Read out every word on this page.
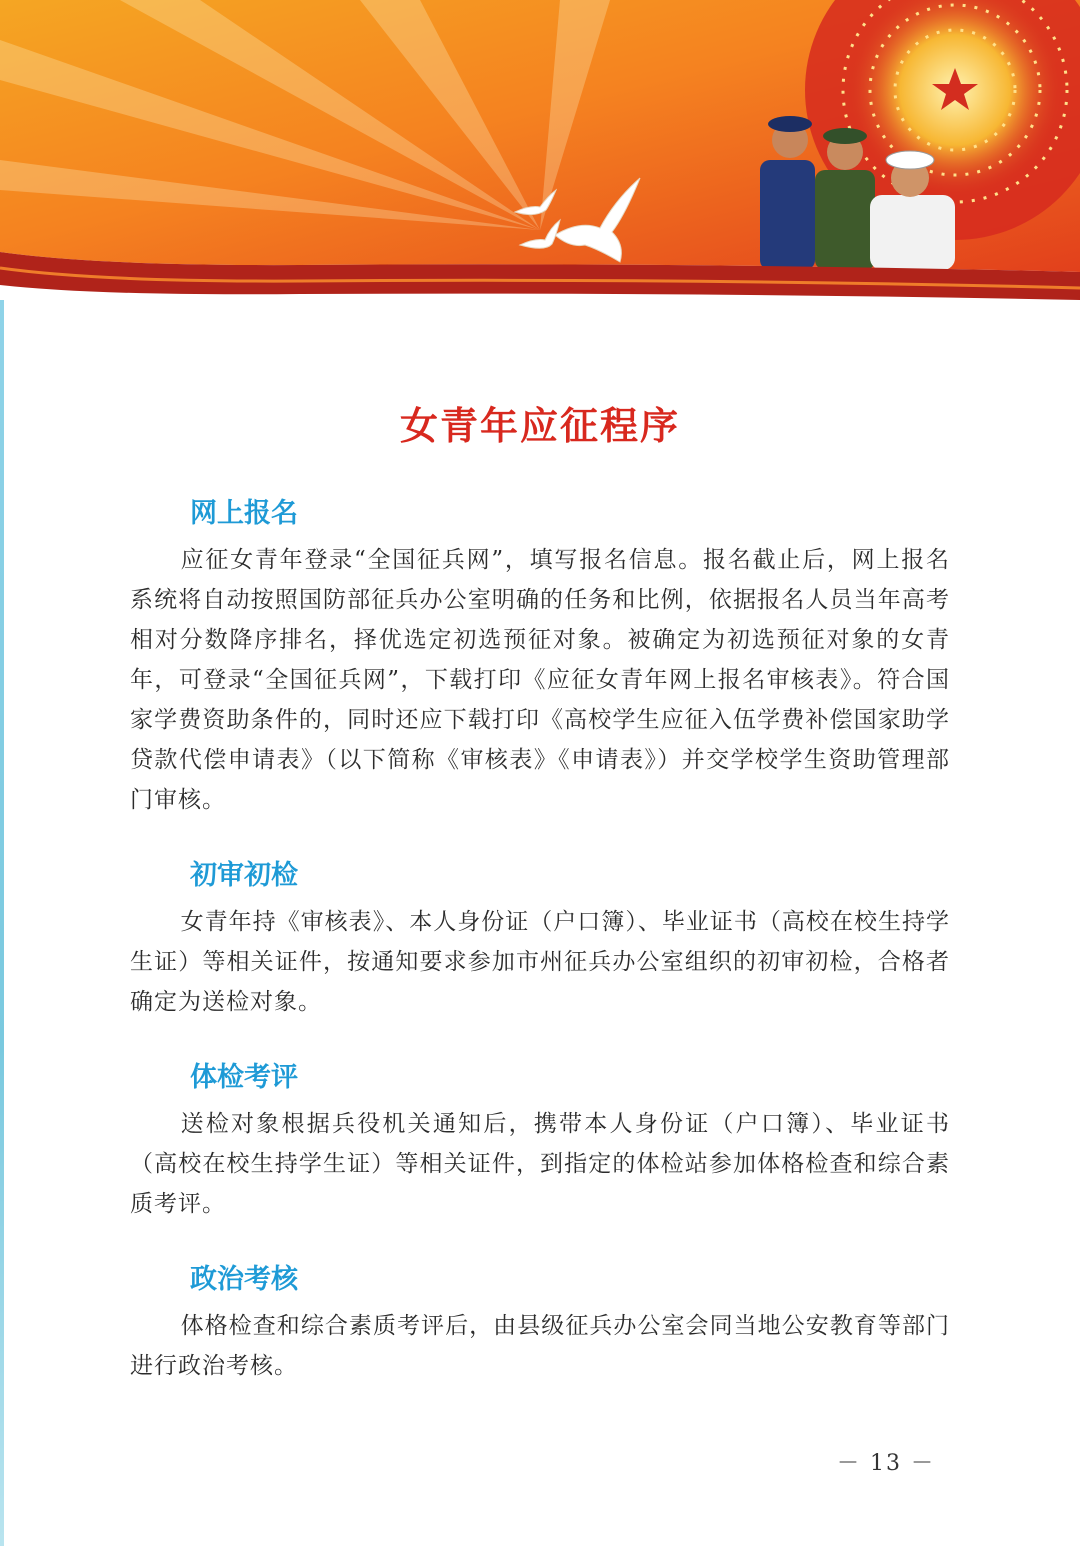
女青年应征程序
网上报名

应征女青年登录“全国征兵网”，填写报名信息。报名截止后，网上报名系统将自动按照国防部征兵办公室明确的任务和比例，依据报名人员当年高考相对分数降序排名，择优选定初选预征对象。被确定为初选预征对象的女青年，可登录“全国征兵网”，下载打印《应征女青年网上报名审核表》。符合国家学费资助条件的，同时还应下载打印《高校学生应征入伍学费补偿国家助学贷款代偿申请表》（以下简称《审核表》《申请表》）并交学校学生资助管理部门审核。

初审初检

女青年持《审核表》、本人身份证（户口簿）、毕业证书（高校在校生持学生证）等相关证件，按通知要求参加市州征兵办公室组织的初审初检，合格者确定为送检对象。

体检考评

送检对象根据兵役机关通知后，携带本人身份证（户口簿）、毕业证书（高校在校生持学生证）等相关证件，到指定的体检站参加体格检查和综合素质考评。

政治考核

体格检查和综合素质考评后，由县级征兵办公室会同当地公安教育等部门进行政治考核。

－ 13 －
